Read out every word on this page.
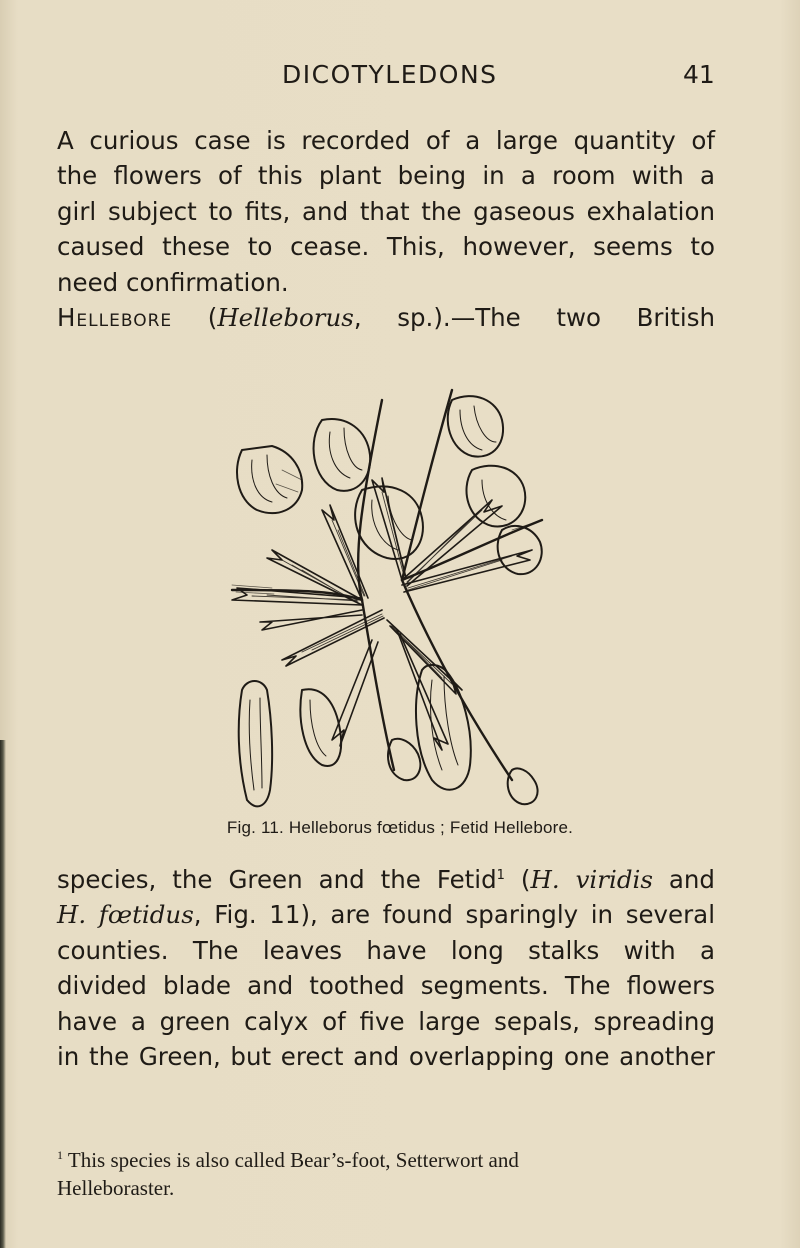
DICOTYLEDONS	41
A curious case is recorded of a large quantity of
the flowers of this plant being in a room with a
girl subject to fits, and that the gaseous exhalation
caused these to cease. This, however, seems to
need confirmation.
Hellebore (Helleborus, sp.).—The two British
Fig. 11. Helleborus fœtidus ; Fetid Hellebore.
species, the Green and the Fetid$^1$ (H. viridis and
H. fœtidus, Fig. 11), are found sparingly in several
counties. The leaves have long stalks with a
divided blade and toothed segments. The flowers
have a green calyx of five large sepals, spreading
in the Green, but erect and overlapping one another
$^1$ This species is also called Bear’s-foot, Setterwort and
Helleboraster.
